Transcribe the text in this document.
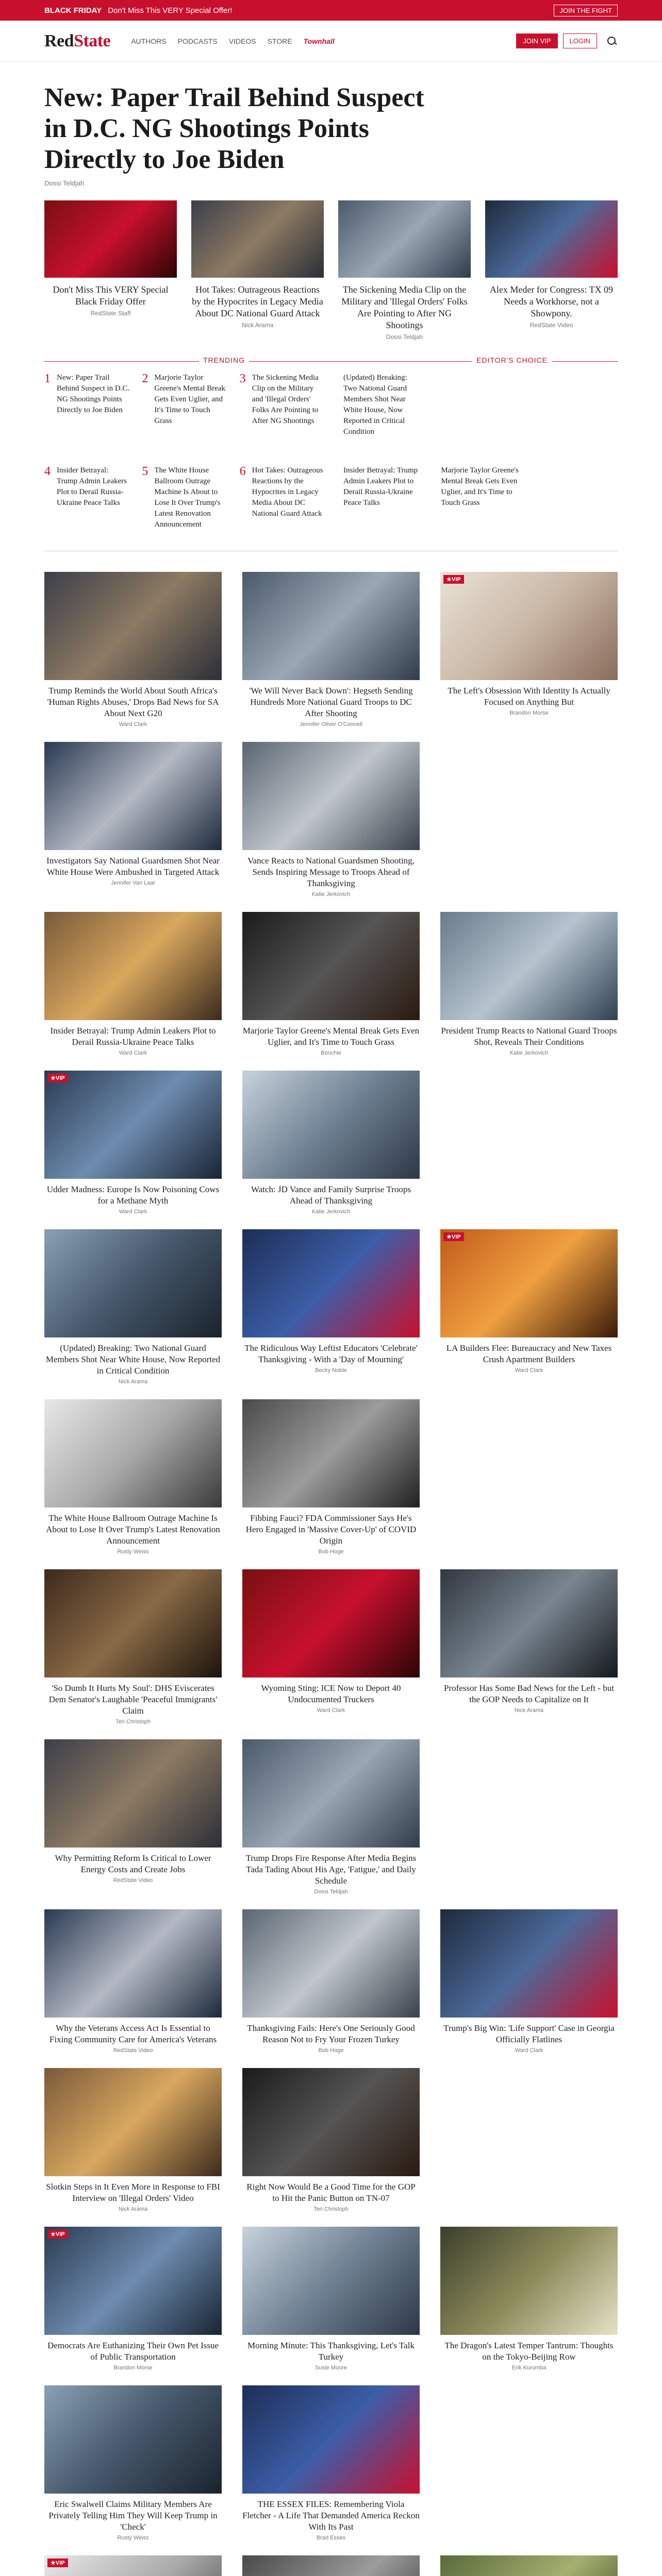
BLACK FRIDAY Don't Miss This VERY Special Offer!	JOIN THE FIGHT
RedState	AUTHORS PODCASTS VIDEOS STORE
★VIP
Townhall	JOIN VIP	LOGIN
New: Paper Trail Behind Suspect in D.C. NG Shootings Points Directly to Joe Biden
Dossi Teldjah
Don't Miss This VERY Special Black Friday Offer
RedState Staff
Hot Takes: Outrageous Reactions by the Hypocrites in Legacy Media About DC National Guard Attack
Nick Arama
The Sickening Media Clip on the Military and 'Illegal Orders' Folks Are Pointing to After NG Shootings
Dossi Teldjah
Alex Meder for Congress: TX 09 Needs a Workhorse, not a Showpony.
RedState Video
TRENDING	EDITOR'S CHOICE
1 New: Paper Trail Behind Suspect in D.C. NG Shootings Points Directly to Joe Biden
2 Marjorie Taylor Greene's Mental Break Gets Even Uglier, and It's Time to Touch Grass
3 The Sickening Media Clip on the Military and 'Illegal Orders' Folks Are Pointing to After NG Shootings
(Updated) Breaking: Two National Guard Members Shot Near White House, Now Reported in Critical Condition
4 Insider Betrayal: Trump Admin Leakers Plot to Derail Russia-Ukraine Peace Talks
5 The White House Ballroom Outrage Machine Is About to Lose It Over Trump's Latest Renovation Announcement
6 Hot Takes: Outrageous Reactions by the Hypocrites in Legacy Media About DC National Guard Attack
Insider Betrayal: Trump Admin Leakers Plot to Derail Russia-Ukraine Peace Talks
Marjorie Taylor Greene's Mental Break Gets Even Uglier, and It's Time to Touch Grass
Trump Reminds the World About South Africa's 'Human Rights Abuses,' Drops Bad News for SA About Next G20
Ward Clark
'We Will Never Back Down': Hegseth Sending Hundreds More National Guard Troops to DC After Shooting
Jennifer Oliver O'Connell
★VIP
The Left's Obsession With Identity Is Actually Focused on Anything But
Brandon Morse
Investigators Say National Guardsmen Shot Near White House Were Ambushed in Targeted Attack
Jennifer Van Laar
Vance Reacts to National Guardsmen Shooting, Sends Inspiring Message to Troops Ahead of Thanksgiving
Katie Jerkovich
Insider Betrayal: Trump Admin Leakers Plot to Derail Russia-Ukraine Peace Talks
Ward Clark
Marjorie Taylor Greene's Mental Break Gets Even Uglier, and It's Time to Touch Grass
Bonchie
President Trump Reacts to National Guard Troops Shot, Reveals Their Conditions
Katie Jerkovich
★VIP
Udder Madness: Europe Is Now Poisoning Cows for a Methane Myth
Ward Clark
Watch: JD Vance and Family Surprise Troops Ahead of Thanksgiving
Katie Jerkovich
(Updated) Breaking: Two National Guard Members Shot Near White House, Now Reported in Critical Condition
Nick Arama
The Ridiculous Way Leftist Educators 'Celebrate' Thanksgiving - With a 'Day of Mourning'
Becky Noble
★VIP
LA Builders Flee: Bureaucracy and New Taxes Crush Apartment Builders
Ward Clark
The White House Ballroom Outrage Machine Is About to Lose It Over Trump's Latest Renovation Announcement
Rusty Weiss
Fibbing Fauci? FDA Commissioner Says He's Hero Engaged in 'Massive Cover-Up' of COVID Origin
Bob Hoge
'So Dumb It Hurts My Soul': DHS Eviscerates Dem Senator's Laughable 'Peaceful Immigrants' Claim
Teri Christoph
Wyoming Sting: ICE Now to Deport 40 Undocumented Truckers
Ward Clark
Professor Has Some Bad News for the Left - but the GOP Needs to Capitalize on It
Nick Arama
Why Permitting Reform Is Critical to Lower Energy Costs and Create Jobs
RedState Video
Trump Drops Fire Response After Media Begins Tada Tading About His Age, 'Fatigue,' and Daily Schedule
Dossi Teldjah
Why the Veterans Access Act Is Essential to Fixing Community Care for America's Veterans
RedState Video
Thanksgiving Fails: Here's One Seriously Good Reason Not to Fry Your Frozen Turkey
Bob Hoge
Trump's Big Win: 'Life Support' Case in Georgia Officially Flatlines
Ward Clark
Slotkin Steps in It Even More in Response to FBI Interview on 'Illegal Orders' Video
Nick Arama
Right Now Would Be a Good Time for the GOP to Hit the Panic Button on TN-07
Teri Christoph
★VIP
Democrats Are Euthanizing Their Own Pet Issue of Public Transportation
Brandon Morse
Morning Minute: This Thanksgiving, Let's Talk Turkey
Susie Moore
The Dragon's Latest Temper Tantrum: Thoughts on the Tokyo-Beijing Row
Erik Kurumba
Eric Swalwell Claims Military Members Are Privately Telling Him They Will Keep Trump in 'Check'
Rusty Weiss
THE ESSEX FILES: Remembering Viola Fletcher - A Life That Demanded America Reckon With Its Past
Brad Essex
★VIP
